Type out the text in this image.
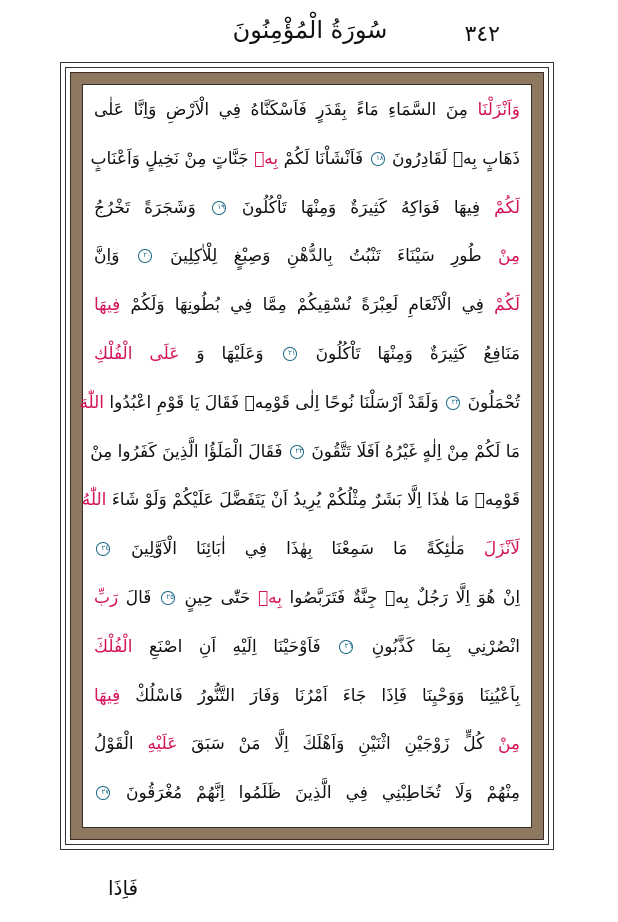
٣٤٢
سُورَةُ الْمُؤْمِنُونَ
وَاَنْزَلْنَا مِنَ السَّمَاءِ مَاءً بِقَدَرٍ فَاَسْكَنَّاهُ فِي الْاَرْضِ وَاِنَّا عَلٰى
ذَهَابٍ بِهٖ لَقَادِرُونَ ١٨ فَاَنْشَاْنَا لَكُمْ بِهٖ جَنَّاتٍ مِنْ نَخِيلٍ وَاَعْنَابٍ
لَكُمْ فِيهَا فَوَاكِهُ كَثِيرَةٌ وَمِنْهَا تَاْكُلُونَ ١٩ وَشَجَرَةً تَخْرُجُ
مِنْ طُورِ سَيْنَاءَ تَنْبُتُ بِالدُّهْنِ وَصِبْغٍ لِلْاٰكِلِينَ ٢٠ وَاِنَّ
لَكُمْ فِي الْاَنْعَامِ لَعِبْرَةً نُسْقِيكُمْ مِمَّا فِي بُطُونِهَا وَلَكُمْ فِيهَا
مَنَافِعُ كَثِيرَةٌ وَمِنْهَا تَاْكُلُونَ ٢١ وَعَلَيْهَا وَ عَلَى الْفُلْكِ
تُحْمَلُونَ ٢٢ وَلَقَدْ اَرْسَلْنَا نُوحًا اِلٰى قَوْمِهٖ فَقَالَ يَا قَوْمِ اعْبُدُوا اللّٰهَ
مَا لَكُمْ مِنْ اِلٰهٍ غَيْرُهُ اَفَلَا تَتَّقُونَ ٢٣ فَقَالَ الْمَلَؤُا الَّذِينَ كَفَرُوا مِنْ
قَوْمِهٖ مَا هٰذَا اِلَّا بَشَرٌ مِثْلُكُمْ يُرِيدُ اَنْ يَتَفَضَّلَ عَلَيْكُمْ وَلَوْ شَاءَ اللّٰهُ
لَاَنْزَلَ مَلٰئِكَةً مَا سَمِعْنَا بِهٰذَا فِي اٰبَائِنَا الْاَوَّلِينَ ٢٤
اِنْ هُوَ اِلَّا رَجُلٌ بِهٖ جِنَّةٌ فَتَرَبَّصُوا بِهٖ حَتّٰى حِينٍ ٢٥ قَالَ رَبِّ
انْصُرْنِي بِمَا كَذَّبُونِ ٢٦ فَاَوْحَيْنَا اِلَيْهِ اَنِ اصْنَعِ الْفُلْكَ
بِاَعْيُنِنَا وَوَحْيِنَا فَاِذَا جَاءَ اَمْرُنَا وَفَارَ التَّنُّورُ فَاسْلُكْ فِيهَا
مِنْ كُلٍّ زَوْجَيْنِ اثْنَيْنِ وَاَهْلَكَ اِلَّا مَنْ سَبَقَ عَلَيْهِ الْقَوْلُ
مِنْهُمْ وَلَا تُخَاطِبْنِي فِي الَّذِينَ ظَلَمُوا اِنَّهُمْ مُغْرَقُونَ ٢٧
فَاِذَا
